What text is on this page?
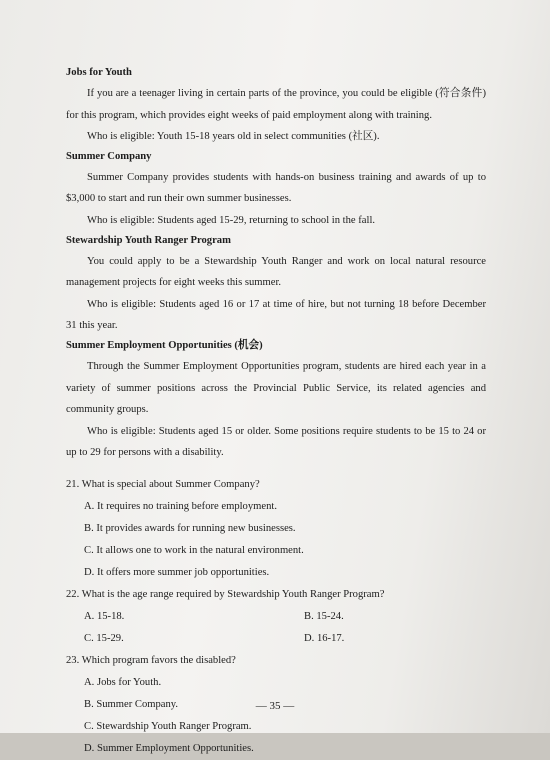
Jobs for Youth

If you are a teenager living in certain parts of the province, you could be eligible (符合条件) for this program, which provides eight weeks of paid employment along with training.

Who is eligible: Youth 15-18 years old in select communities (社区).
Summer Company

Summer Company provides students with hands-on business training and awards of up to $3,000 to start and run their own summer businesses.

Who is eligible: Students aged 15-29, returning to school in the fall.
Stewardship Youth Ranger Program

You could apply to be a Stewardship Youth Ranger and work on local natural resource management projects for eight weeks this summer.

Who is eligible: Students aged 16 or 17 at time of hire, but not turning 18 before December 31 this year.

Summer Employment Opportunities (机会)

Through the Summer Employment Opportunities program, students are hired each year in a variety of summer positions across the Provincial Public Service, its related agencies and community groups.

Who is eligible: Students aged 15 or older. Some positions require students to be 15 to 24 or up to 29 for persons with a disability.

21. What is special about Summer Company?
A. It requires no training before employment.
B. It provides awards for running new businesses.
C. It allows one to work in the natural environment.
D. It offers more summer job opportunities.
22. What is the age range required by Stewardship Youth Ranger Program?
A. 15-18.	B. 15-24.
C. 15-29.	D. 16-17.
23. Which program favors the disabled?
A. Jobs for Youth.
B. Summer Company.
C. Stewardship Youth Ranger Program.
D. Summer Employment Opportunities.
— 35 —
